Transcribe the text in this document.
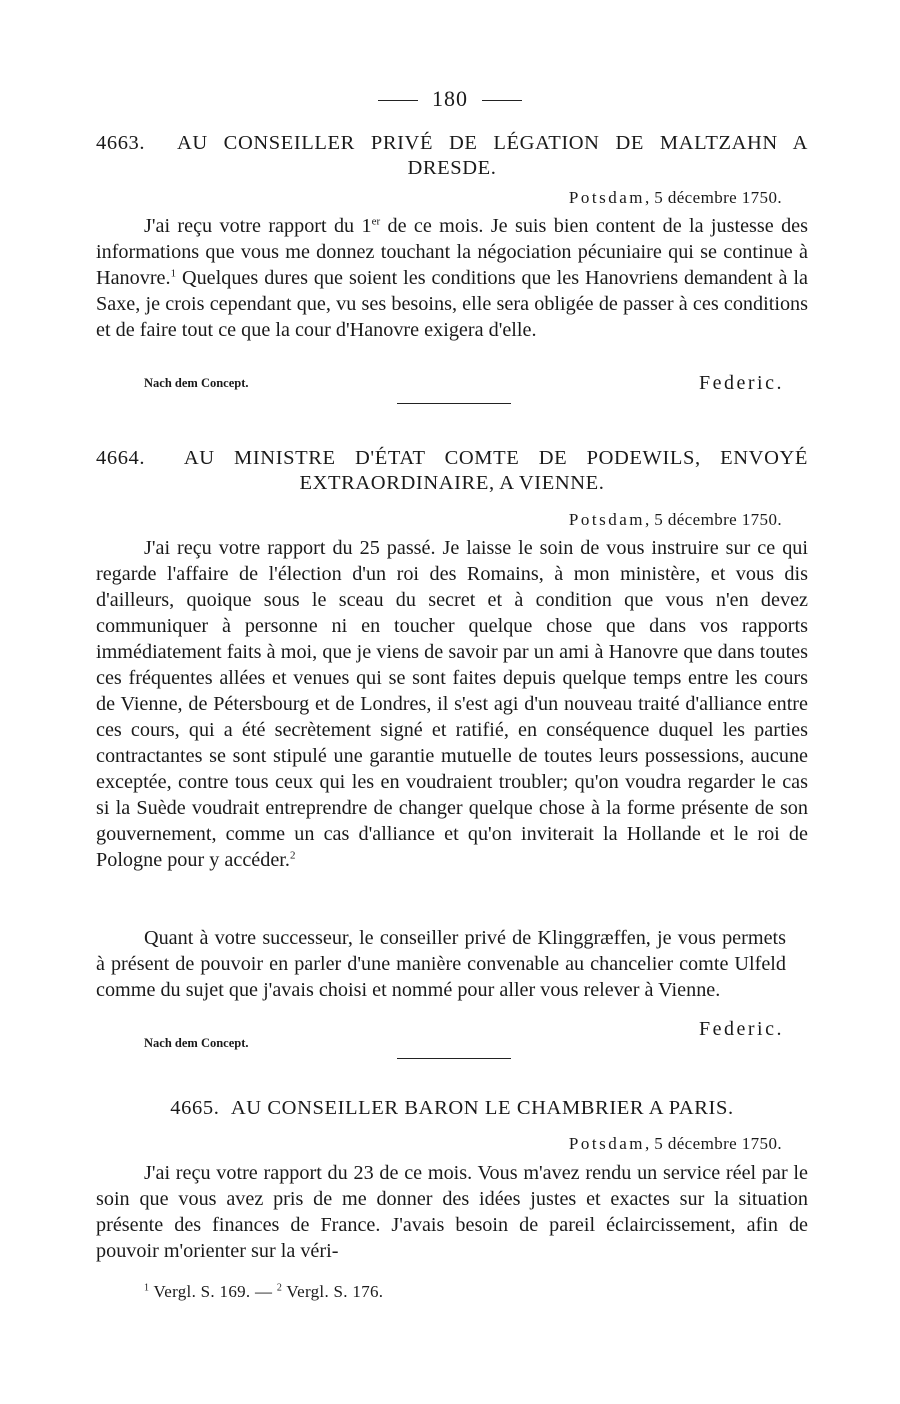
180
4663. AU CONSEILLER PRIVÉ DE LÉGATION DE MALTZAHN A DRESDE.
Potsdam, 5 décembre 1750.

J'ai reçu votre rapport du 1er de ce mois. Je suis bien content de la justesse des informations que vous me donnez touchant la négociation pécuniaire qui se continue à Hanovre.$^1$ Quelques dures que soient les conditions que les Hanovriens demandent à la Saxe, je crois cependant que, vu ses besoins, elle sera obligée de passer à ces conditions et de faire tout ce que la cour d'Hanovre exigera d'elle.

Nach dem Concept.	Federic.
4664. AU MINISTRE D'ÉTAT COMTE DE PODEWILS, ENVOYÉ EXTRAORDINAIRE, A VIENNE.
Potsdam, 5 décembre 1750.

J'ai reçu votre rapport du 25 passé. Je laisse le soin de vous instruire sur ce qui regarde l'affaire de l'élection d'un roi des Romains, à mon ministère, et vous dis d'ailleurs, quoique sous le sceau du secret et à condition que vous n'en devez communiquer à personne ni en toucher quelque chose que dans vos rapports immédiatement faits à moi, que je viens de savoir par un ami à Hanovre que dans toutes ces fréquentes allées et venues qui se sont faites depuis quelque temps entre les cours de Vienne, de Pétersbourg et de Londres, il s'est agi d'un nouveau traité d'alliance entre ces cours, qui a été secrètement signé et ratifié, en conséquence duquel les parties contractantes se sont stipulé une garantie mutuelle de toutes leurs possessions, aucune exceptée, contre tous ceux qui les en voudraient troubler; qu'on voudra regarder le cas si la Suède voudrait entreprendre de changer quelque chose à la forme présente de son gouvernement, comme un cas d'alliance et qu'on inviterait la Hollande et le roi de Pologne pour y accéder.$^2$

Quant à votre successeur, le conseiller privé de Klinggræffen, je vous permets à présent de pouvoir en parler d'une manière convenable au chancelier comte Ulfeld comme du sujet que j'avais choisi et nommé pour aller vous relever à Vienne.

Nach dem Concept.
Federic.
4665. AU CONSEILLER BARON LE CHAMBRIER A PARIS.
Potsdam, 5 décembre 1750.

J'ai reçu votre rapport du 23 de ce mois. Vous m'avez rendu un service réel par le soin que vous avez pris de me donner des idées justes et exactes sur la situation présente des finances de France. J'avais besoin de pareil éclaircissement, afin de pouvoir m'orienter sur la véri-

$^1$ Vergl. S. 169. — $^2$ Vergl. S. 176.
